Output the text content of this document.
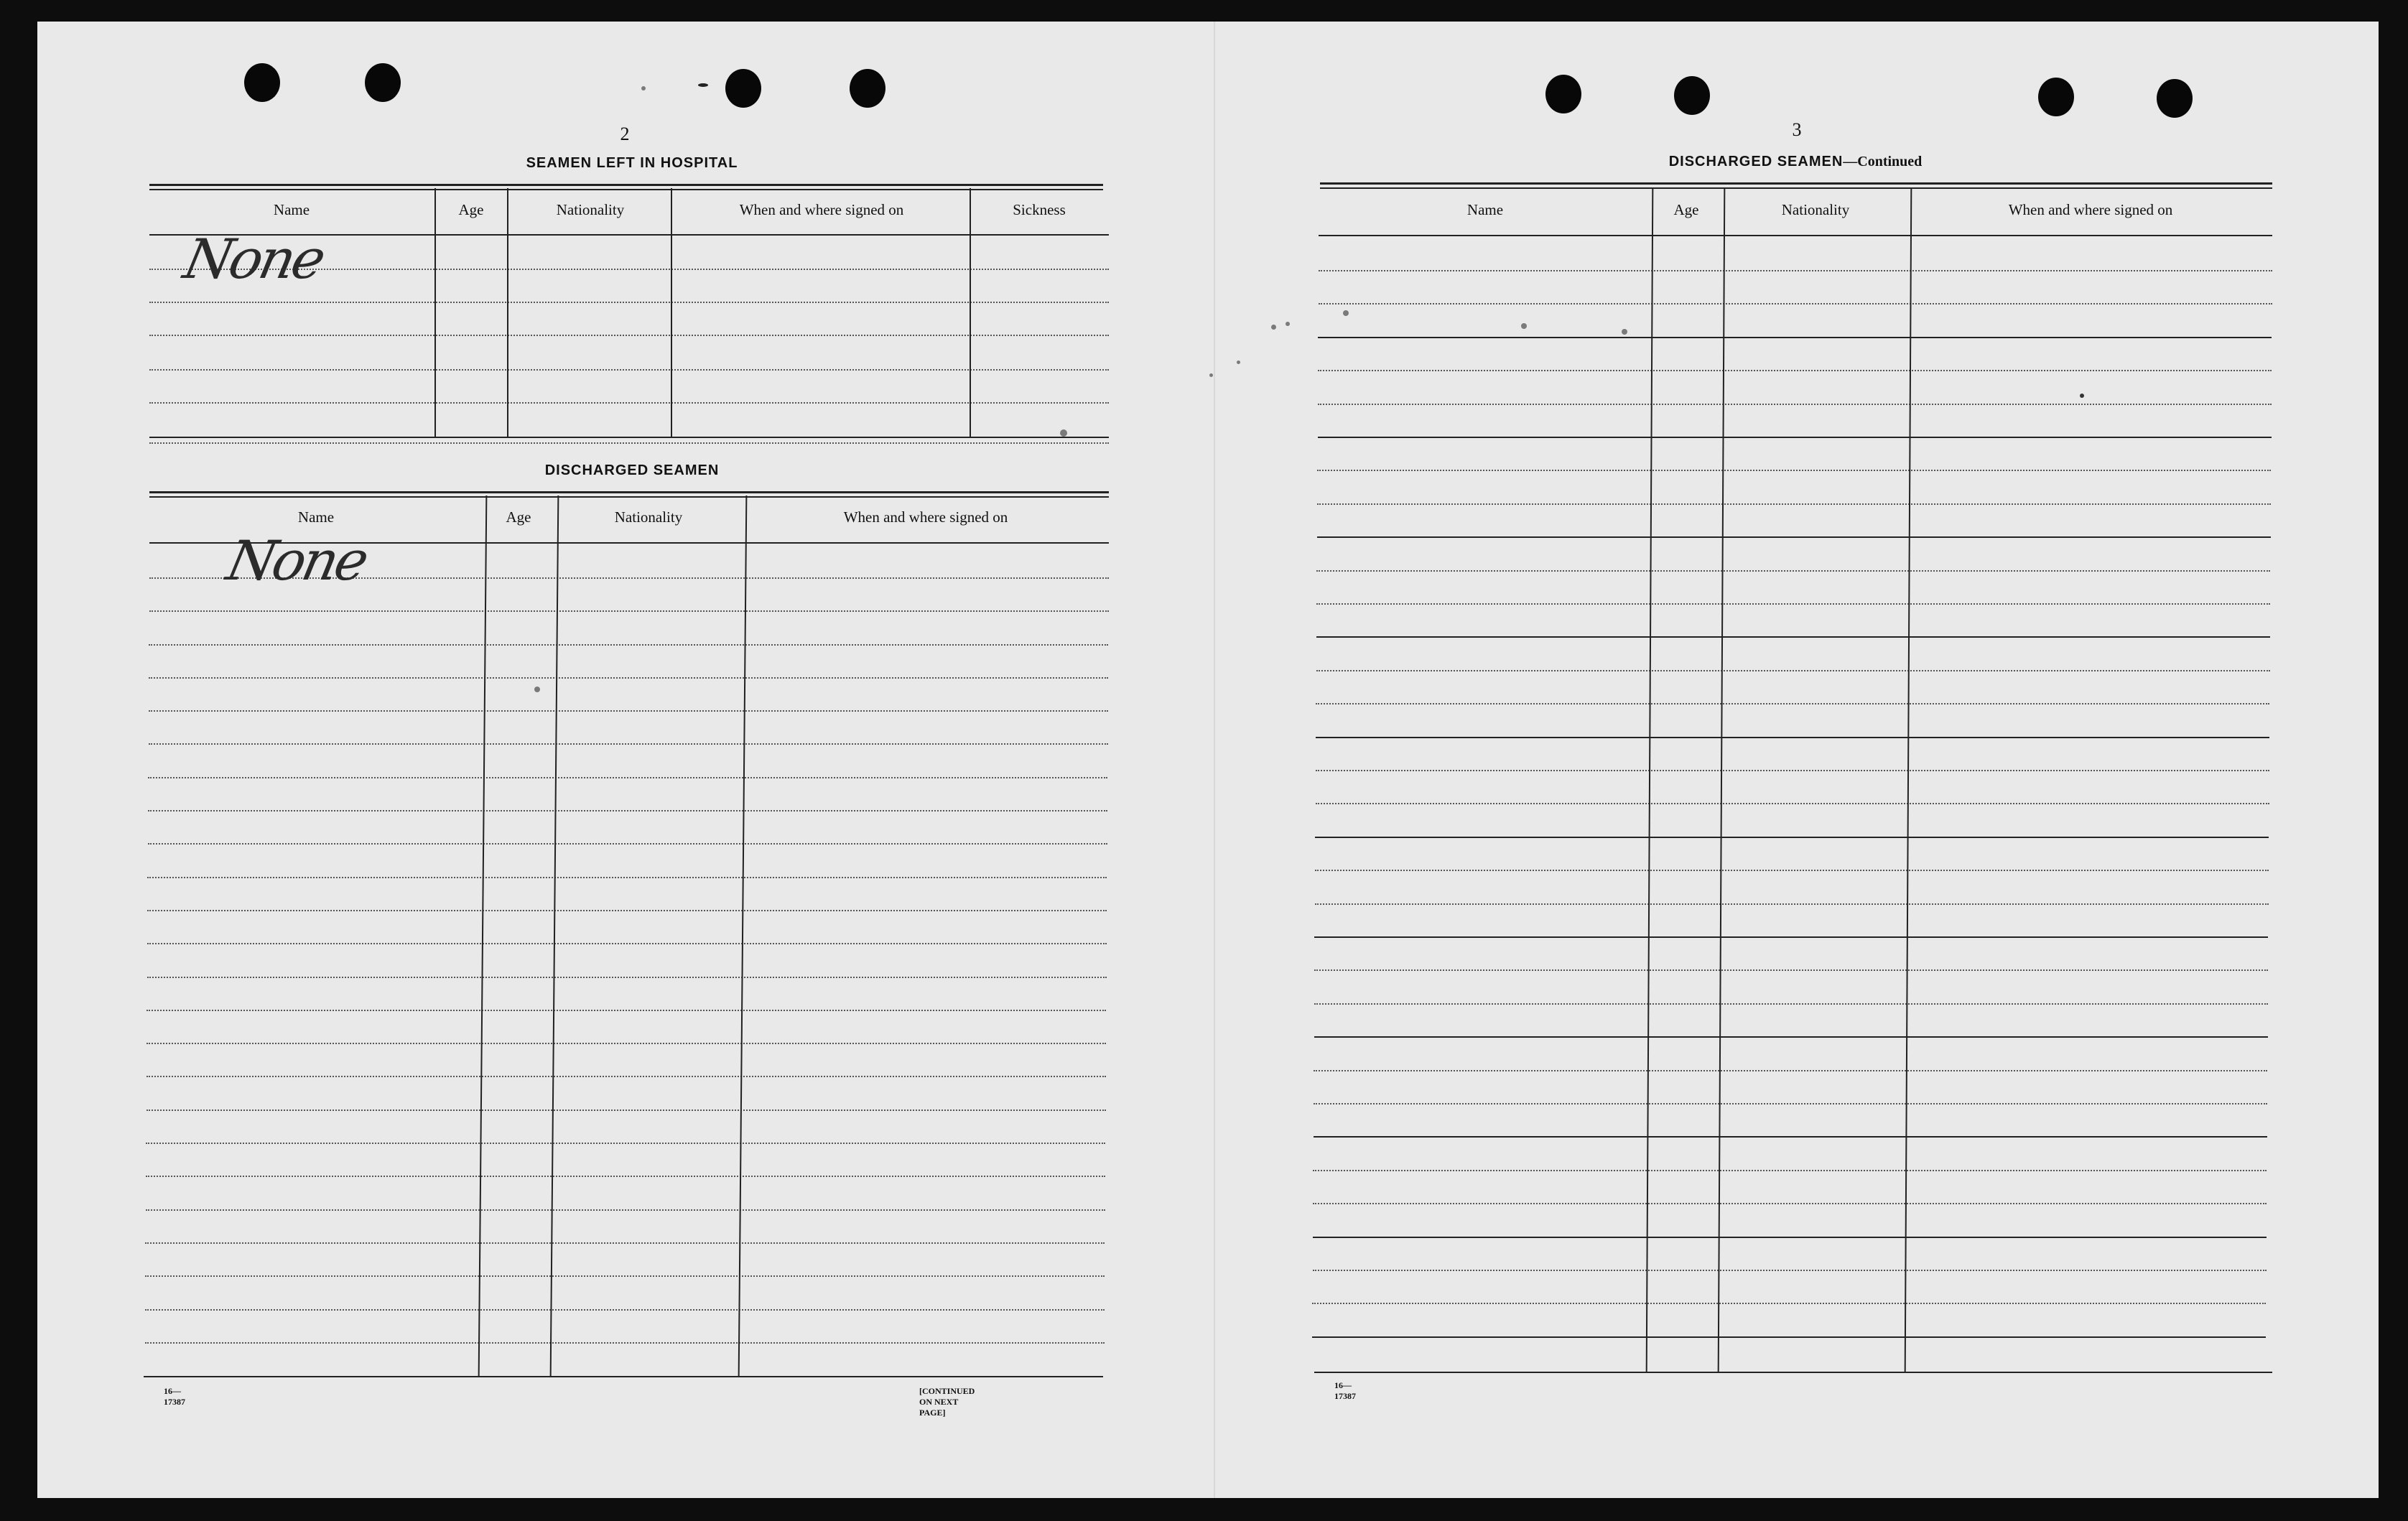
2
SEAMEN LEFT IN HOSPITAL
Name	Age	Nationality	When and where signed on	Sickness
None
DISCHARGED SEAMEN
Name	Age	Nationality	When and where signed on
None
16—17387
[CONTINUED ON NEXT PAGE]
3
DISCHARGED SEAMEN—Continued
Name	Age	Nationality	When and where signed on
16—17387
